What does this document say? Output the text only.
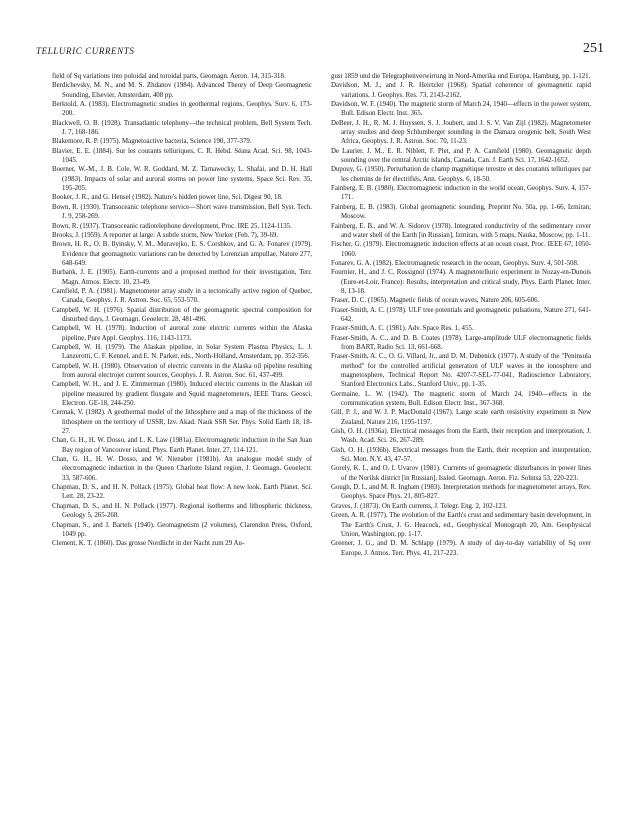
TELLURIC CURRENTS	251

field of Sq variations into poloidal and toroidal parts, Geomagn. Aeron. 14, 315-318.

Berdichevsky, M. N., and M. S. Zhdanov (1984). Advanced Theory of Deep Geomagnetic Sounding, Elsevier, Amsterdam, 408 pp.

Berktold, A. (1983). Electromagnetic studies in geothermal regions, Geophys. Surv. 6, 173-200.

Blackwell, O. B. (1928). Transatlantic telephony—the technical problem, Bell System Tech. J. 7, 168-186.

Blakemore, R. P. (1975). Magnetoactive bacteria, Science 190, 377-379.

Blavier, E. E. (1884). Sur les courants telluriques, C. R. Hebd. Séana Acad. Sci. 98, 1043-1045.

Boerner, W.-M., J. B. Cole, W. R. Goddard, M. Z. Tarnawecky, L. Shafai, and D. H. Hall (1983). Impacts of solar and auroral storms on power line systems, Space Sci. Rev. 35, 195-205.

Booker, J. R., and G. Hensel (1982). Nature's hidden power line, Sci. Digest 90, 18.

Bown, R. (1930). Transoceanic telephone service—Short wave transmission, Bell Syst. Tech. J. 9, 258-269.

Bown, R. (1937). Transoceanic radiotelephone development, Proc. IRE 25, 1124-1135.

Brooks, J. (1959). A reporter at large: A subtle storm, New Yorker (Feb. 7), 39-69.

Brown, H. R., O. B. Ilyinsky, V. M., Muravejko, E. S. Corshkov, and G. A. Fonarev (1979). Evidence that geomagnetic variations can be detected by Lorenzian ampullae, Nature 277, 648-649.

Burbank, J. E. (1905). Earth-currents and a proposed method for their investigation, Terr. Magn. Atmos. Electr. 10, 23-49.

Camfield, P. A. (1981). Magnetometer array study in a tectonically active region of Quebec, Canada, Geophys. J. R. Astron. Soc. 65, 553-570.

Campbell, W. H. (1976). Spatial distribution of the geomagnetic spectral composition for disturbed days, J. Geomagn. Geoelectr. 28, 481-496.

Campbell, W. H. (1978). Induction of auroral zone electric currents within the Alaska pipeline, Pure Appl. Geophys. 116, 1143-1173.

Campbell, W. H. (1979). The Alaskan pipeline, in Solar System Plasma Physics, L. J. Lanzerotti, C. F. Kennel, and E. N. Parker, eds., North-Holland, Amsterdam, pp. 352-356.

Campbell, W. H. (1980). Observation of electric currents in the Alaska oil pipeline resulting from auroral electrojet current sources, Geophys. J. R. Astron. Soc. 61, 437-499.

Campbell, W. H., and J. E. Zimmerman (1980). Induced electric currents in the Alaskan oil pipeline measured by gradient fluxgate and Squid magnetometers, IEEE Trans. Geosci. Electron. GE-18, 244-250.

Cermak, V. (1982). A geothermal model of the lithosphere and a map of the thickness of the lithosphere on the territory of USSR, Izv. Akad. Nauk SSR Ser. Phys. Solid Earth 18, 18-27.

Chan, G. H., H. W. Dosso, and L. K. Law (1981a). Electromagnetic induction in the San Juan Bay region of Vancouver island, Phys. Earth Planet. Inter. 27, 114-121.

Chan, G. H., H. W. Dosso, and W. Nienaber (1981b). An analogue model study of electromagnetic induction in the Queen Charlotte Island region, J. Geomagn. Geoelectr. 33, 587-606.

Chapman, D. S., and H. N. Pollack (1975). Global heat flow: A new look, Earth Planet. Sci. Lett. 28, 23-22.

Chapman, D. S., and H. N. Pollack (1977). Regional isotherms and lithospheric thickness, Geology 5, 265-268.

Chapman, S., and J. Bartels (1940). Geomagnetism (2 volumes), Clarendon Press, Oxford, 1049 pp.

Clement, K. T. (1860). Das grosse Nordlicht in der Nacht zum 29 Au-

gust 1859 und die Telegraphenverwirrung in Nord-Amerika und Europa, Hamburg, pp. 1-121.

Davidson, M. J., and J. R. Heirtzler (1968). Spatial coherence of geomagnetic rapid variations, J. Geophys. Res. 73, 2143-2162.

Davidson, W. F. (1940). The magnetic storm of March 24, 1940—effects in the power system, Bull. Edison Electr. Inst. 365.

DeBeer, J. H., R. M. J. Huyssen, S. J. Joubert, and J. S. V. Van Zijl (1982). Magnetometer array studies and deep Schlumberger sounding in the Damara orogenic belt, South West Africa, Geophys. J. R. Astron. Soc. 70, 11-23.

De Laurier, J. M., E. R. Niblett, F. Plet, and P. A. Camfield (1980). Geomagnetic depth sounding over the central Arctic islands, Canada, Can. J. Earth Sci. 17, 1642-1652.

Dupouy, G. (1950). Perturbation de champ magnétique terestre et des courants telluriques par les chemins de fer électrifiés, Ann. Geophys. 6, 18-50.

Fainberg, E. B. (1980). Electromagnetic induction in the world ocean, Geophys. Surv. 4, 157-171.

Fainberg, E. B. (1983). Global geomagnetic sounding, Preprint No. 50a, pp. 1-66, Izmiran, Moscow.

Fainberg, E. B., and W. A. Sidorov (1978). Integrated conductivity of the sedimentary cover and water shell of the Earth [in Russian], Izmiran, with 5 maps, Nauka, Moscow, pp. 1-11.

Fischer, G. (1979). Electromagnetic induction effects at an ocean coast, Proc. IEEE 67, 1050-1060.

Fonarev, G. A. (1982). Electromagnetic research in the ocean, Geophys. Surv. 4, 501-508.

Fournier, H., and J. C. Rossignol (1974). A magnetotelluric experiment in Nozay-en-Dunois (Eure-et-Loir, France): Results, interpretation and critical study, Phys. Earth Planet. Inter. 8, 13-18.

Fraser, D. C. (1965). Magnetic fields of ocean waves, Nature 206, 605-606.

Fraser-Smith, A. C. (1978). ULF tree potentials and geomagnetic pulsations, Nature 271, 641-642.

Fraser-Smith, A. C. (1981). Adv. Space Res. 1, 455.

Fraser-Smith, A. C., and D. B. Coates (1978). Large-amplitude ULF electromagnetic fields from BART, Radio Sci. 13, 661-668.

Fraser-Smith, A. C., O. G. Villard, Jr., and D. M. Dubenick (1977). A study of the "Peninsula method" for the controlled artificial generation of ULF waves in the ionosphere and magnetosphere, Technical Report No. 4207-7-SEL-77-041, Radioscience Laboratory, Stanford Electronics Labs., Stanford Univ., pp. 1-35.

Germaine, L. W. (1942). The magnetic storm of March 24, 1940—effects in the communication system, Bull. Edison Electr. Inst., 367-368.

Gill, P. J., and W. J. P. MacDonald (1967). Large scale earth resistivity experiment in New Zealand, Nature 216, 1195-1197.

Gish, O. H. (1936a). Electrical messages from the Earth, their reception and interpretation, J. Wash. Acad. Sci. 26, 267-289.

Gish, O. H. (1936b). Electrical messages from the Earth, their reception and interpretation, Sci. Mon. N.Y. 43, 47-57.

Gorely, K. I., and O. I. Uvarov (1981). Currents of geomagnetic disturbances in power lines of the Norilsk district [in Russian], Issled. Geomagn. Aeron. Fiz. Solntsa 53, 220-223.

Gough, D. I., and M. R. Ingham (1983). Interpretation methods for magnetometer arrays, Rev. Geophys. Space Phys. 21, 805-827.

Graves, J. (1873). On Earth currents, J. Telegr. Eng. 2, 102-123.

Green, A. R. (1977). The evolution of the Earth's crust and sedimentary basin development, in The Earth's Crust, J. G. Heacock, ed., Geophysical Monograph 20, Am. Geophysical Union, Washington, pp. 1-17.

Greener, J. G., and D. M. Schlapp (1979). A study of day-to-day variability of Sq over Europe, J. Atmos. Terr. Phys. 41, 217-223.
